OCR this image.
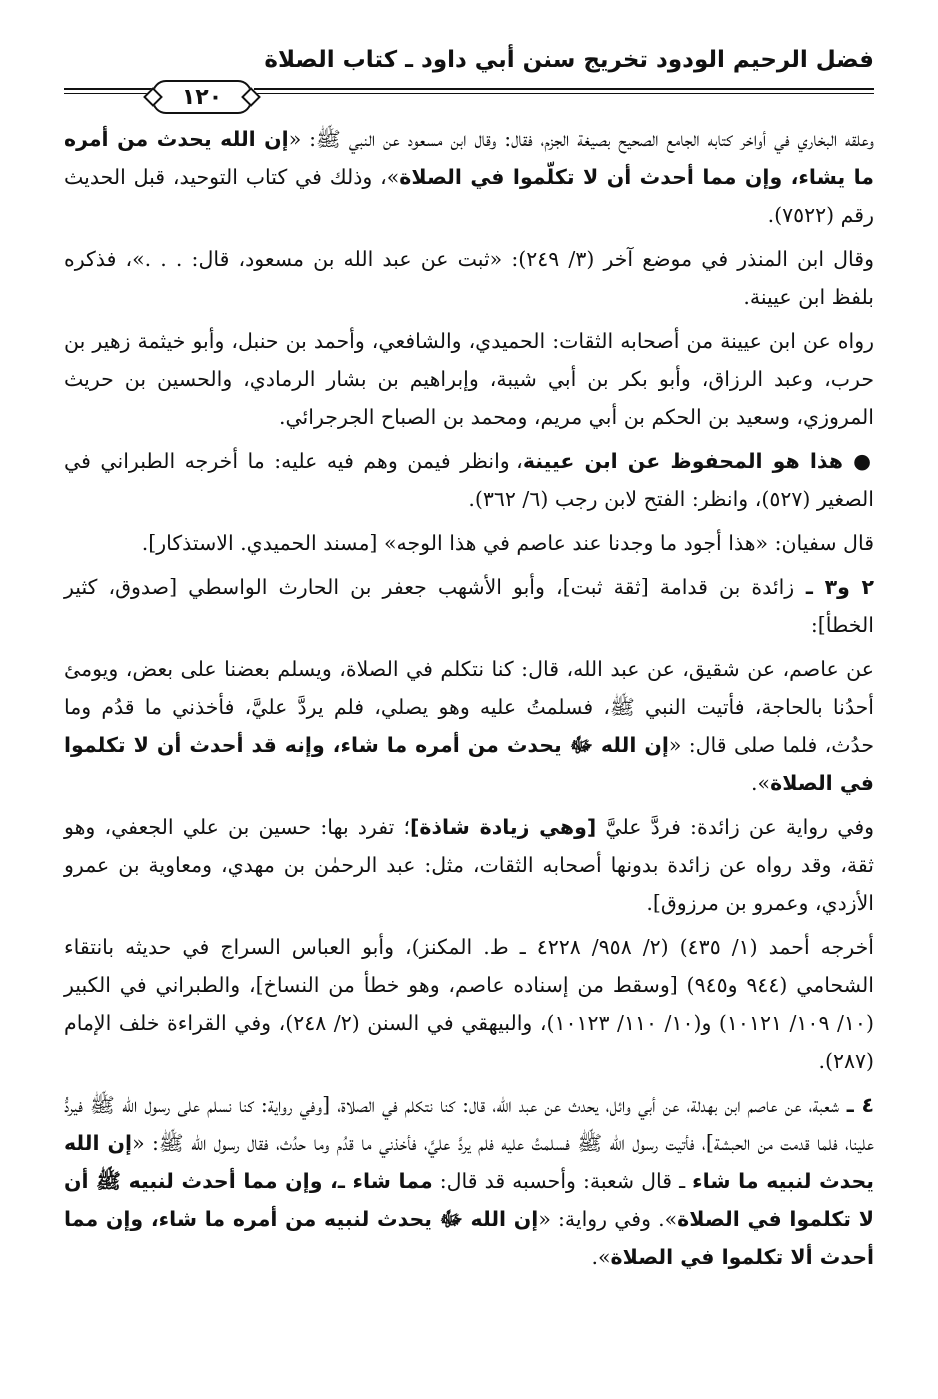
فضل الرحيم الودود تخريج سنن أبي داود ـ كتاب الصلاة
١٢٠

وعلقه البخاري في أواخر كتابه الجامع الصحيح بصيغة الجزم، فقال: وقال ابن مسعود عن النبي ﷺ: «إن الله يحدث من أمره ما يشاء، وإن مما أحدث أن لا تكلّموا في الصلاة»، وذلك في كتاب التوحيد، قبل الحديث رقم (٧٥٢٢).

وقال ابن المنذر في موضع آخر (٣/ ٢٤٩): «ثبت عن عبد الله بن مسعود، قال: . . .»، فذكره بلفظ ابن عيينة.

رواه عن ابن عيينة من أصحابه الثقات: الحميدي، والشافعي، وأحمد بن حنبل، وأبو خيثمة زهير بن حرب، وعبد الرزاق، وأبو بكر بن أبي شيبة، وإبراهيم بن بشار الرمادي، والحسين بن حريث المروزي، وسعيد بن الحكم بن أبي مريم، ومحمد بن الصباح الجرجرائي.

● هذا هو المحفوظ عن ابن عيينة، وانظر فيمن وهم فيه عليه: ما أخرجه الطبراني في الصغير (٥٢٧)، وانظر: الفتح لابن رجب (٦/ ٣٦٢).

قال سفيان: «هذا أجود ما وجدنا عند عاصم في هذا الوجه» [مسند الحميدي. الاستذكار].

٢ و٣ ـ زائدة بن قدامة [ثقة ثبت]، وأبو الأشهب جعفر بن الحارث الواسطي [صدوق، كثير الخطأ]:

عن عاصم، عن شقيق، عن عبد الله، قال: كنا نتكلم في الصلاة، ويسلم بعضنا على بعض، ويومئ أحدُنا بالحاجة، فأتيت النبي ﷺ، فسلمتُ عليه وهو يصلي، فلم يردَّ عليَّ، فأخذني ما قدُم وما حدُث، فلما صلى قال: «إن الله ﷻ يحدث من أمره ما شاء، وإنه قد أحدث أن لا تكلموا في الصلاة».

وفي رواية عن زائدة: فردَّ عليَّ [وهي زيادة شاذة]؛ تفرد بها: حسين بن علي الجعفي، وهو ثقة، وقد رواه عن زائدة بدونها أصحابه الثقات، مثل: عبد الرحمٰن بن مهدي، ومعاوية بن عمرو الأزدي، وعمرو بن مرزوق].

أخرجه أحمد (١/ ٤٣٥) (٢/ ٩٥٨/ ٤٢٢٨ ـ ط. المكنز)، وأبو العباس السراج في حديثه بانتقاء الشحامي (٩٤٤ و٩٤٥) [وسقط من إسناده عاصم، وهو خطأ من النساخ]، والطبراني في الكبير (١٠/ ١٠٩/ ١٠١٢١) و(١٠/ ١١٠/ ١٠١٢٣)، والبيهقي في السنن (٢/ ٢٤٨)، وفي القراءة خلف الإمام (٢٨٧).

٤ ـ شعبة، عن عاصم ابن بهدلة، عن أبي وائل، يحدث عن عبد الله، قال: كنا نتكلم في الصلاة، [وفي رواية: كنا نسلم على رسول الله ﷺ فيردُّ علينا، فلما قدمت من الحبشة]، فأتيت رسول الله ﷺ فسلمتُ عليه فلم يردَّ عليَّ، فأخذني ما قدُم وما حدُث، فقال رسول الله ﷺ: «إن الله يحدث لنبيه ما شاء ـ قال شعبة: وأحسبه قد قال: مما شاء ـ، وإن مما أحدث لنبيه ﷺ أن لا تكلموا في الصلاة». وفي رواية: «إن الله ﷻ يحدث لنبيه من أمره ما شاء، وإن مما أحدث ألا تكلموا في الصلاة».
